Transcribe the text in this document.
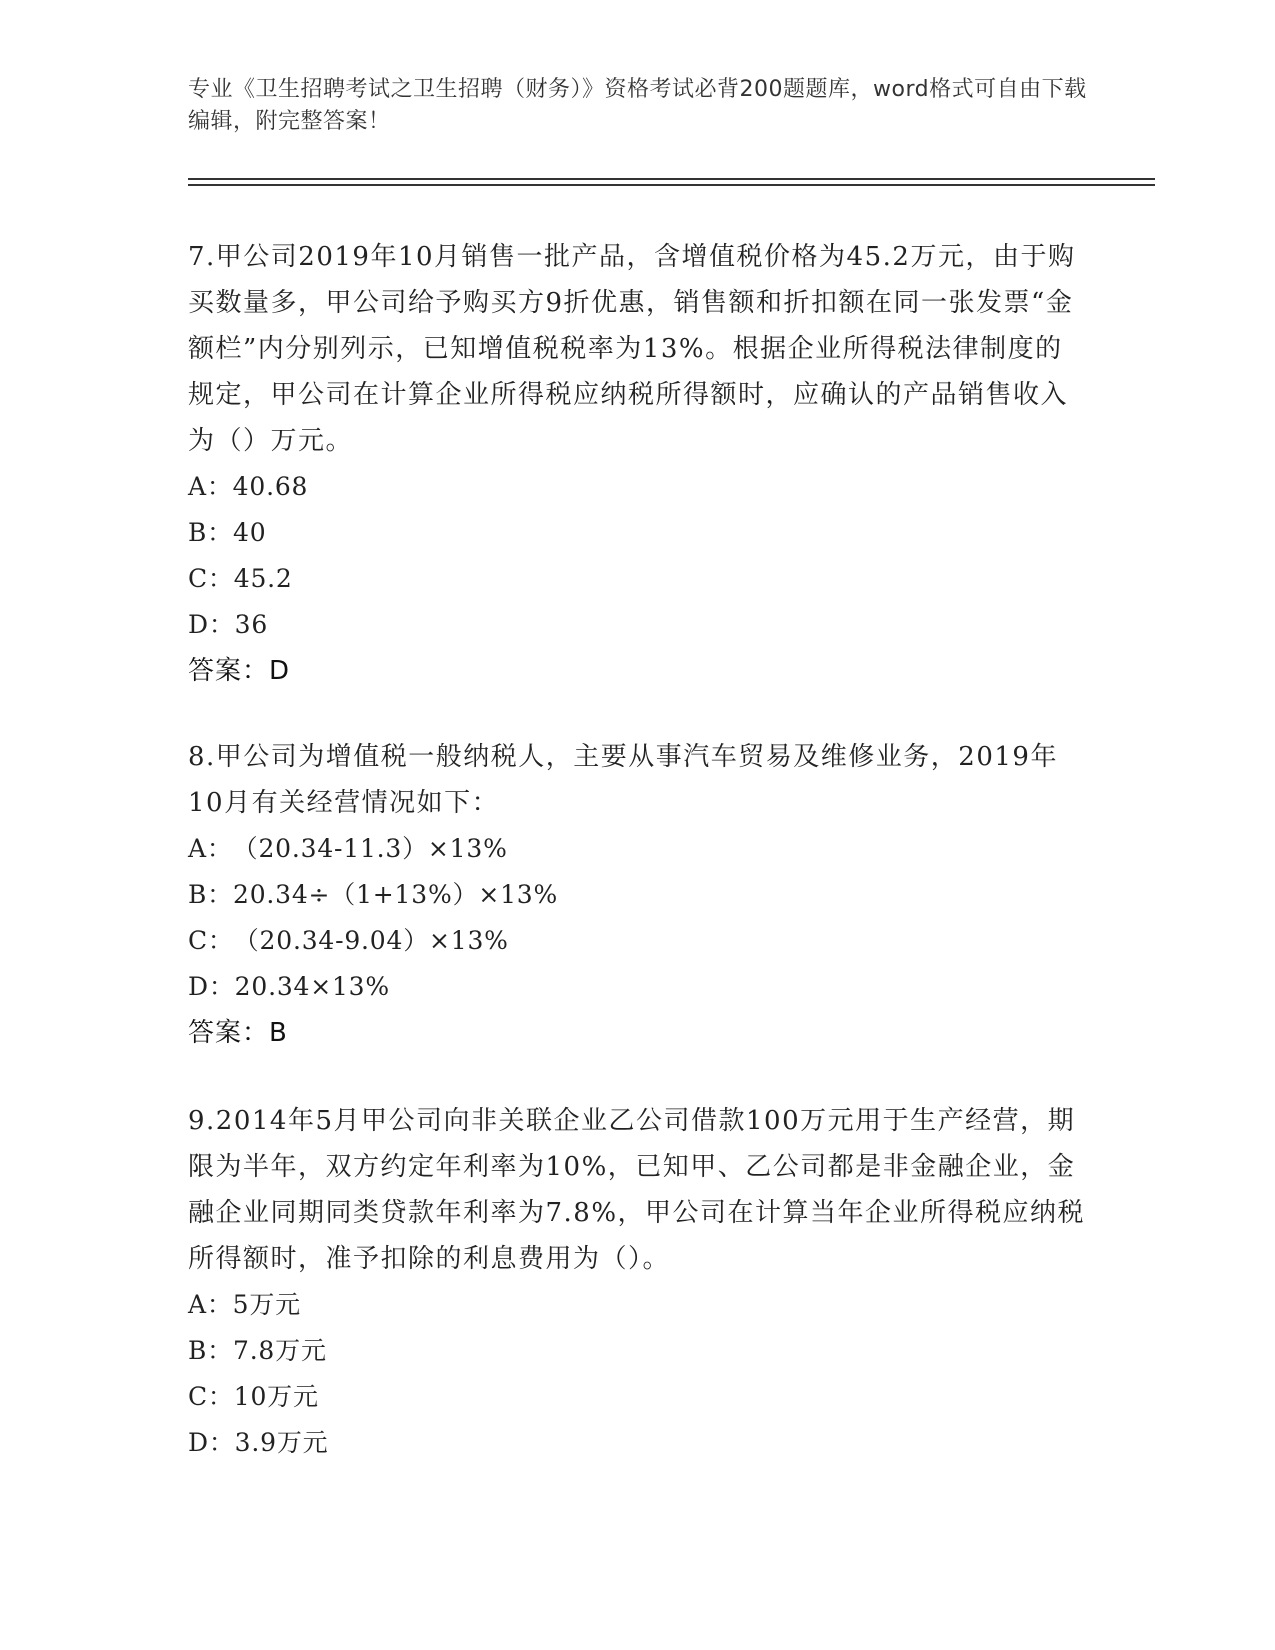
专业《卫生招聘考试之卫生招聘（财务）》资格考试必背200题题库，word格式可自由下载编辑，附完整答案！

7.甲公司2019年10月销售一批产品，含增值税价格为45.2万元，由于购买数量多，甲公司给予购买方9折优惠，销售额和折扣额在同一张发票“金额栏”内分别列示，已知增值税税率为13%。根据企业所得税法律制度的规定，甲公司在计算企业所得税应纳税所得额时，应确认的产品销售收入为（）万元。

A：40.68

B：40

C：45.2

D：36

答案：D

8.甲公司为增值税一般纳税人，主要从事汽车贸易及维修业务，2019年10月有关经营情况如下：

A：（20.34-11.3）×13%

B：20.34÷（1+13%）×13%

C：（20.34-9.04）×13%

D：20.34×13%

答案：B

9.2014年5月甲公司向非关联企业乙公司借款100万元用于生产经营，期限为半年，双方约定年利率为10%，已知甲、乙公司都是非金融企业，金融企业同期同类贷款年利率为7.8%，甲公司在计算当年企业所得税应纳税所得额时，准予扣除的利息费用为（）。

A：5万元

B：7.8万元

C：10万元

D：3.9万元
